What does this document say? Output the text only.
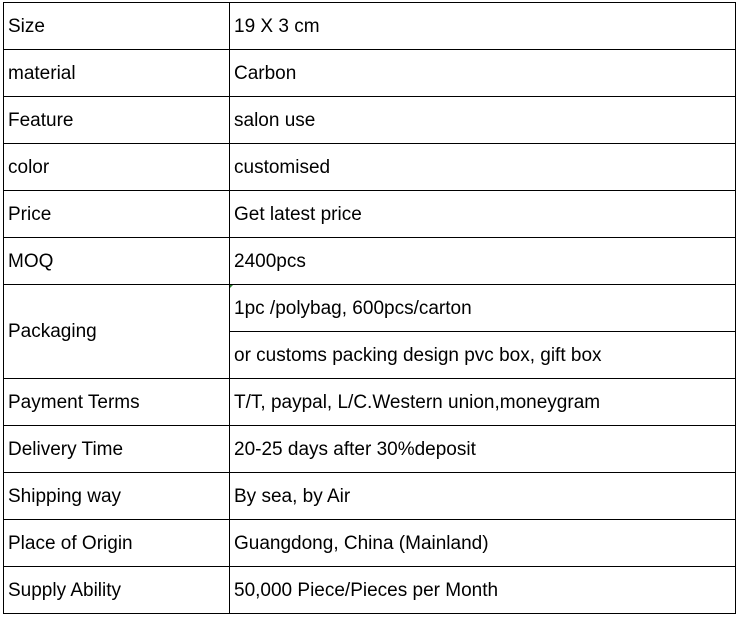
Size	19 X 3 cm
material	Carbon
Feature	salon use
color	customised
Price	Get latest price
MOQ	2400pcs
Packaging	1pc /polybag, 600pcs/carton
	or customs packing design pvc box, gift box
Payment Terms	T/T, paypal, L/C.Western union,moneygram
Delivery Time	20-25 days after 30%deposit
Shipping way	By sea, by Air
Place of Origin	Guangdong, China (Mainland)
Supply Ability	50,000 Piece/Pieces per Month
